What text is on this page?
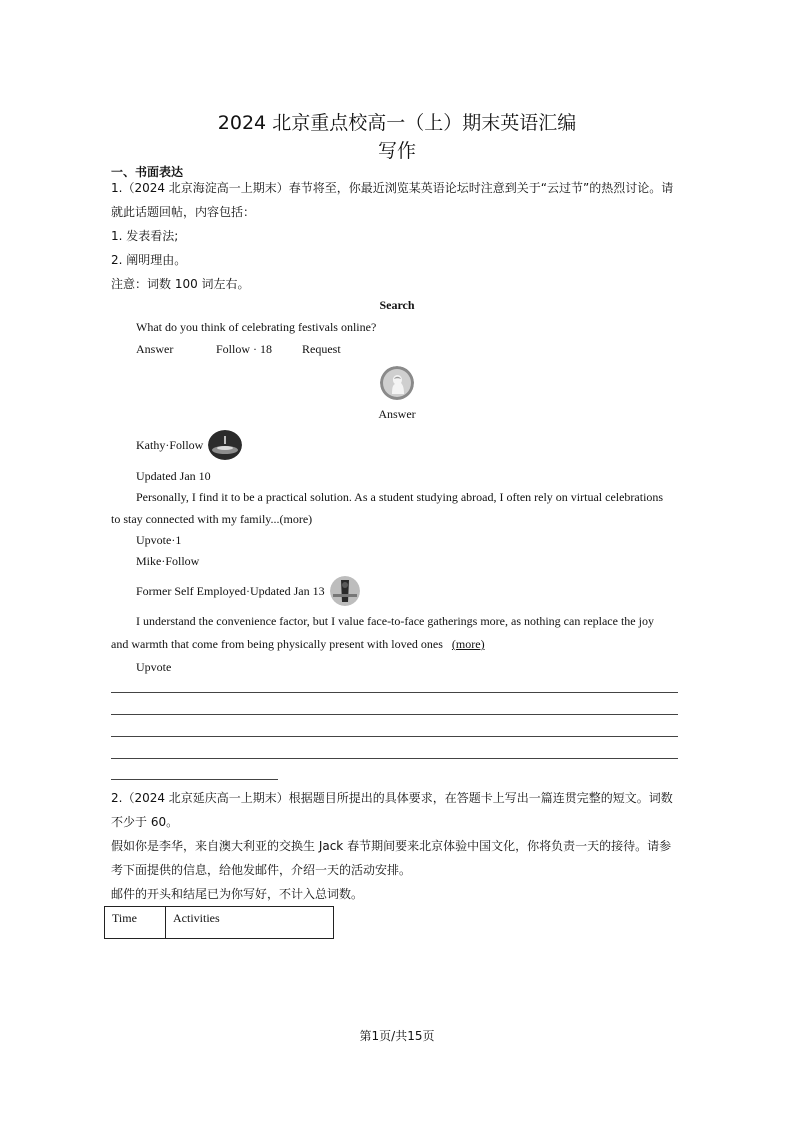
2024 北京重点校高一（上）期末英语汇编
写作
一、书面表达
1.（2024 北京海淀高一上期末）春节将至，你最近浏览某英语论坛时注意到关于“云过节”的热烈讨论。请
就此话题回帖，内容包括：
1. 发表看法;
2. 阐明理由。
注意：词数 100 词左右。
Search
What do you think of celebrating festivals online?
Answer	Follow · 18 Request
Answer
Kathy·Follow
Updated Jan 10
Personally, I find it to be a practical solution. As a student studying abroad, I often rely on virtual celebrations
to stay connected with my family...(more)
Upvote·1
Mike·Follow
Former Self Employed·Updated Jan 13
I understand the convenience factor, but I value face-to-face gatherings more, as nothing can replace the joy
and warmth that come from being physically present with loved ones (more)
Upvote
2.（2024 北京延庆高一上期末）根据题目所提出的具体要求，在答题卡上写出一篇连贯完整的短文。词数
不少于 60。
假如你是李华，来自澳大利亚的交换生 Jack 春节期间要来北京体验中国文化，你将负责一天的接待。请参
考下面提供的信息，给他发邮件，介绍一天的活动安排。
邮件的开头和结尾已为你写好，不计入总词数。
Time	Activities
第1页/共15页
